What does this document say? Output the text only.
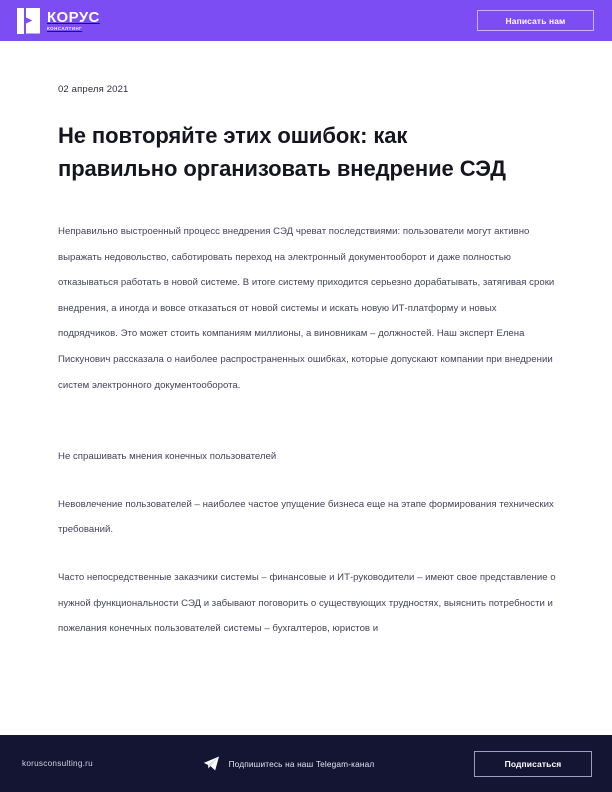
КОРУС
КОНСАЛТИНГ
Написать нам
02 апреля 2021
Не повторяйте этих ошибок: как правильно организовать внедрение СЭД

Неправильно выстроенный процесс внедрения СЭД чреват последствиями: пользователи могут активно выражать недовольство, саботировать переход на электронный документооборот и даже полностью отказываться работать в новой системе. В итоге систему приходится серьезно дорабатывать, затягивая сроки внедрения, а иногда и вовсе отказаться от новой системы и искать новую ИТ-платформу и новых подрядчиков. Это может стоить компаниям миллионы, а виновникам – должностей. Наш эксперт Елена Пискунович рассказала о наиболее распространенных ошибках, которые допускают компании при внедрении систем электронного документооборота.

Не спрашивать мнения конечных пользователей

Невовлечение пользователей – наиболее частое упущение бизнеса еще на этапе формирования технических требований.

Часто непосредственные заказчики системы – финансовые и ИТ-руководители – имеют свое представление о нужной функциональности СЭД и забывают поговорить о существующих трудностях, выяснить потребности и пожелания конечных пользователей системы – бухгалтеров, юристов и

korusconsulting.ru	Подпишитесь на наш Telegam-канал	Подписаться
